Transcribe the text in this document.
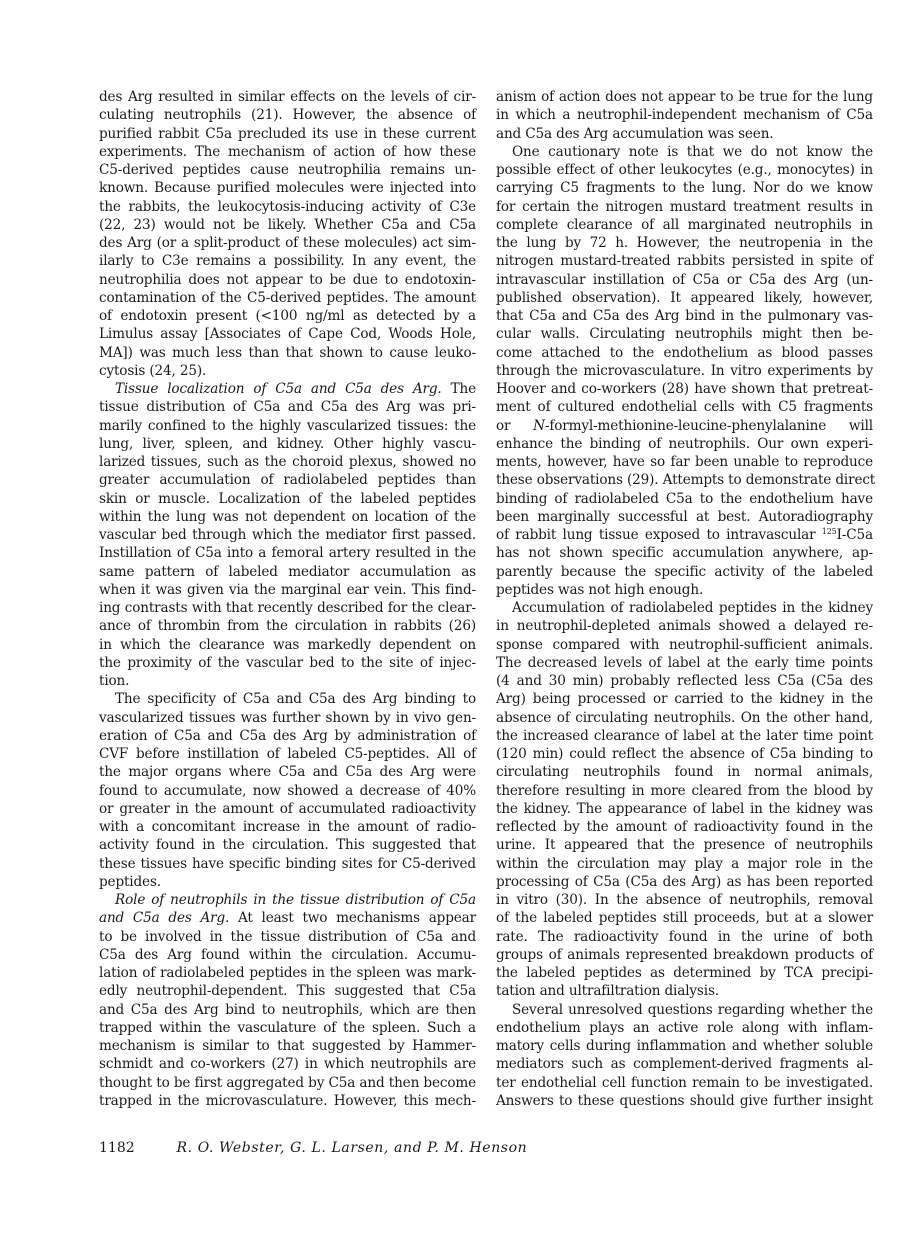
des Arg resulted in similar effects on the levels of cir-
culating neutrophils (21). However, the absence of
purified rabbit C5a precluded its use in these current
experiments. The mechanism of action of how these
C5-derived peptides cause neutrophilia remains un-
known. Because purified molecules were injected into
the rabbits, the leukocytosis-inducing activity of C3e
(22, 23) would not be likely. Whether C5a and C5a
des Arg (or a split-product of these molecules) act sim-
ilarly to C3e remains a possibility. In any event, the
neutrophilia does not appear to be due to endotoxin-
contamination of the C5-derived peptides. The amount
of endotoxin present (<100 ng/ml as detected by a
Limulus assay [Associates of Cape Cod, Woods Hole,
MA]) was much less than that shown to cause leuko-
cytosis (24, 25).
Tissue localization of C5a and C5a des Arg. The
tissue distribution of C5a and C5a des Arg was pri-
marily confined to the highly vascularized tissues: the
lung, liver, spleen, and kidney. Other highly vascu-
larized tissues, such as the choroid plexus, showed no
greater accumulation of radiolabeled peptides than
skin or muscle. Localization of the labeled peptides
within the lung was not dependent on location of the
vascular bed through which the mediator first passed.
Instillation of C5a into a femoral artery resulted in the
same pattern of labeled mediator accumulation as
when it was given via the marginal ear vein. This find-
ing contrasts with that recently described for the clear-
ance of thrombin from the circulation in rabbits (26)
in which the clearance was markedly dependent on
the proximity of the vascular bed to the site of injec-
tion.
The specificity of C5a and C5a des Arg binding to
vascularized tissues was further shown by in vivo gen-
eration of C5a and C5a des Arg by administration of
CVF before instillation of labeled C5-peptides. All of
the major organs where C5a and C5a des Arg were
found to accumulate, now showed a decrease of 40%
or greater in the amount of accumulated radioactivity
with a concomitant increase in the amount of radio-
activity found in the circulation. This suggested that
these tissues have specific binding sites for C5-derived
peptides.
Role of neutrophils in the tissue distribution of C5a
and C5a des Arg. At least two mechanisms appear
to be involved in the tissue distribution of C5a and
C5a des Arg found within the circulation. Accumu-
lation of radiolabeled peptides in the spleen was mark-
edly neutrophil-dependent. This suggested that C5a
and C5a des Arg bind to neutrophils, which are then
trapped within the vasculature of the spleen. Such a
mechanism is similar to that suggested by Hammer-
schmidt and co-workers (27) in which neutrophils are
thought to be first aggregated by C5a and then become
trapped in the microvasculature. However, this mech-
anism of action does not appear to be true for the lung
in which a neutrophil-independent mechanism of C5a
and C5a des Arg accumulation was seen.
One cautionary note is that we do not know the
possible effect of other leukocytes (e.g., monocytes) in
carrying C5 fragments to the lung. Nor do we know
for certain the nitrogen mustard treatment results in
complete clearance of all marginated neutrophils in
the lung by 72 h. However, the neutropenia in the
nitrogen mustard-treated rabbits persisted in spite of
intravascular instillation of C5a or C5a des Arg (un-
published observation). It appeared likely, however,
that C5a and C5a des Arg bind in the pulmonary vas-
cular walls. Circulating neutrophils might then be-
come attached to the endothelium as blood passes
through the microvasculature. In vitro experiments by
Hoover and co-workers (28) have shown that pretreat-
ment of cultured endothelial cells with C5 fragments
or N-formyl-methionine-leucine-phenylalanine will
enhance the binding of neutrophils. Our own experi-
ments, however, have so far been unable to reproduce
these observations (29). Attempts to demonstrate direct
binding of radiolabeled C5a to the endothelium have
been marginally successful at best. Autoradiography
of rabbit lung tissue exposed to intravascular $^{125}$I-C5a
has not shown specific accumulation anywhere, ap-
parently because the specific activity of the labeled
peptides was not high enough.
Accumulation of radiolabeled peptides in the kidney
in neutrophil-depleted animals showed a delayed re-
sponse compared with neutrophil-sufficient animals.
The decreased levels of label at the early time points
(4 and 30 min) probably reflected less C5a (C5a des
Arg) being processed or carried to the kidney in the
absence of circulating neutrophils. On the other hand,
the increased clearance of label at the later time point
(120 min) could reflect the absence of C5a binding to
circulating neutrophils found in normal animals,
therefore resulting in more cleared from the blood by
the kidney. The appearance of label in the kidney was
reflected by the amount of radioactivity found in the
urine. It appeared that the presence of neutrophils
within the circulation may play a major role in the
processing of C5a (C5a des Arg) as has been reported
in vitro (30). In the absence of neutrophils, removal
of the labeled peptides still proceeds, but at a slower
rate. The radioactivity found in the urine of both
groups of animals represented breakdown products of
the labeled peptides as determined by TCA precipi-
tation and ultrafiltration dialysis.
Several unresolved questions regarding whether the
endothelium plays an active role along with inflam-
matory cells during inflammation and whether soluble
mediators such as complement-derived fragments al-
ter endothelial cell function remain to be investigated.
Answers to these questions should give further insight
1182	R. O. Webster, G. L. Larsen, and P. M. Henson
